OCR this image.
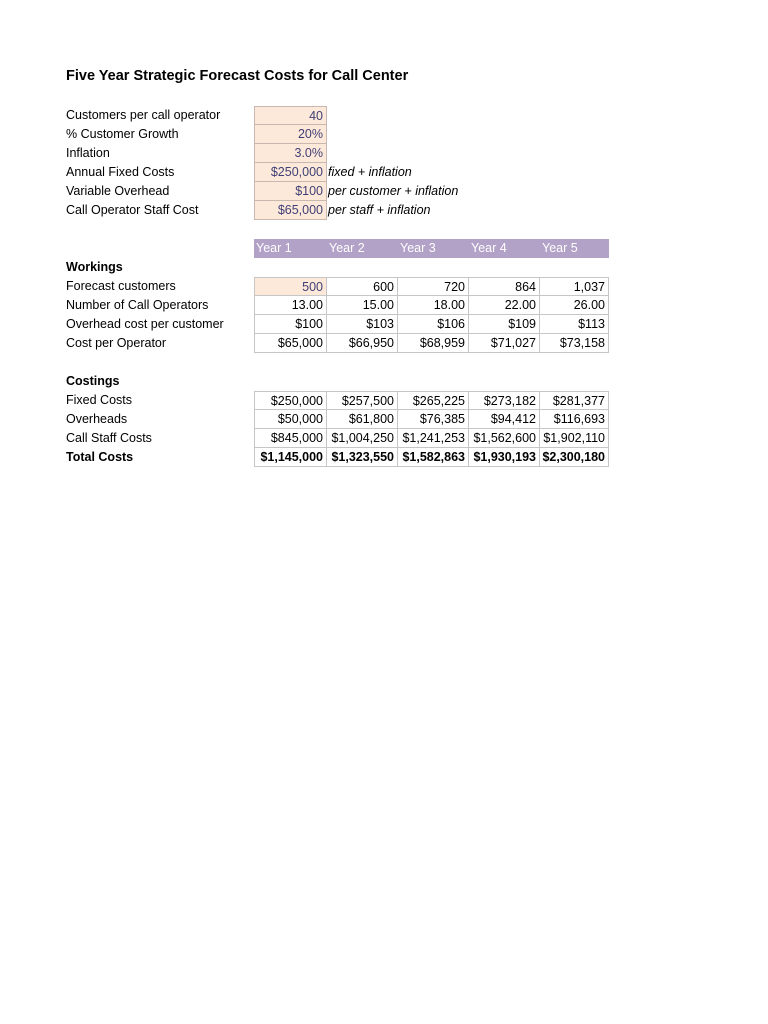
Five Year Strategic Forecast Costs for Call Center
Customers per call operator	40
% Customer Growth	20%
Inflation	3.0%
Annual Fixed Costs	$250,000 fixed + inflation
Variable Overhead	$100 per customer + inflation
Call Operator Staff Cost	$65,000 per staff + inflation
Year 1	Year 2	Year 3	Year 4	Year 5
Workings
Forecast customers	500	600	720	864	1,037
Number of Call Operators	13.00	15.00	18.00	22.00	26.00
Overhead cost per customer	$100	$103	$106	$109	$113
Cost per Operator	$65,000	$66,950	$68,959	$71,027	$73,158
Costings
Fixed Costs	$250,000	$257,500	$265,225	$273,182	$281,377
Overheads	$50,000	$61,800	$76,385	$94,412	$116,693
Call Staff Costs	$845,000 $1,004,250 $1,241,253 $1,562,600 $1,902,110
Total Costs	$1,145,000 $1,323,550 $1,582,863 $1,930,193 $2,300,180
